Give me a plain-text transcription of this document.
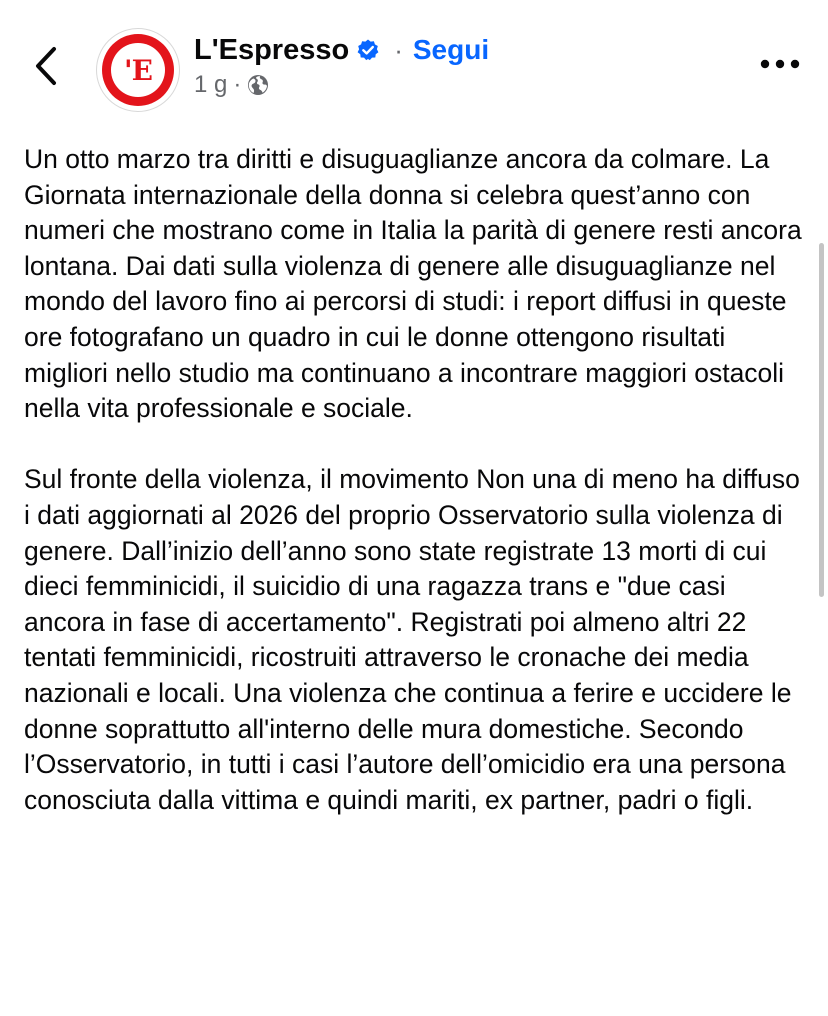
'E
L'Espresso · Segui
1 g ·

Un otto marzo tra diritti e disuguaglianze ancora da colmare. La Giornata internazionale della donna si celebra quest’anno con numeri che mostrano come in Italia la parità di genere resti ancora lontana. Dai dati sulla violenza di genere alle disuguaglianze nel mondo del lavoro fino ai percorsi di studi: i report diffusi in queste ore fotografano un quadro in cui le donne ottengono risultati migliori nello studio ma continuano a incontrare maggiori ostacoli nella vita professionale e sociale.

Sul fronte della violenza, il movimento Non una di meno ha diffuso i dati aggiornati al 2026 del proprio Osservatorio sulla violenza di genere. Dall’inizio dell’anno sono state registrate 13 morti di cui dieci femminicidi, il suicidio di una ragazza trans e "due casi ancora in fase di accertamento". Registrati poi almeno altri 22 tentati femminicidi, ricostruiti attraverso le cronache dei media nazionali e locali. Una violenza che continua a ferire e uccidere le donne soprattutto all'interno delle mura domestiche. Secondo l’Osservatorio, in tutti i casi l’autore dell’omicidio era una persona conosciuta dalla vittima e quindi mariti, ex partner, padri o figli.
